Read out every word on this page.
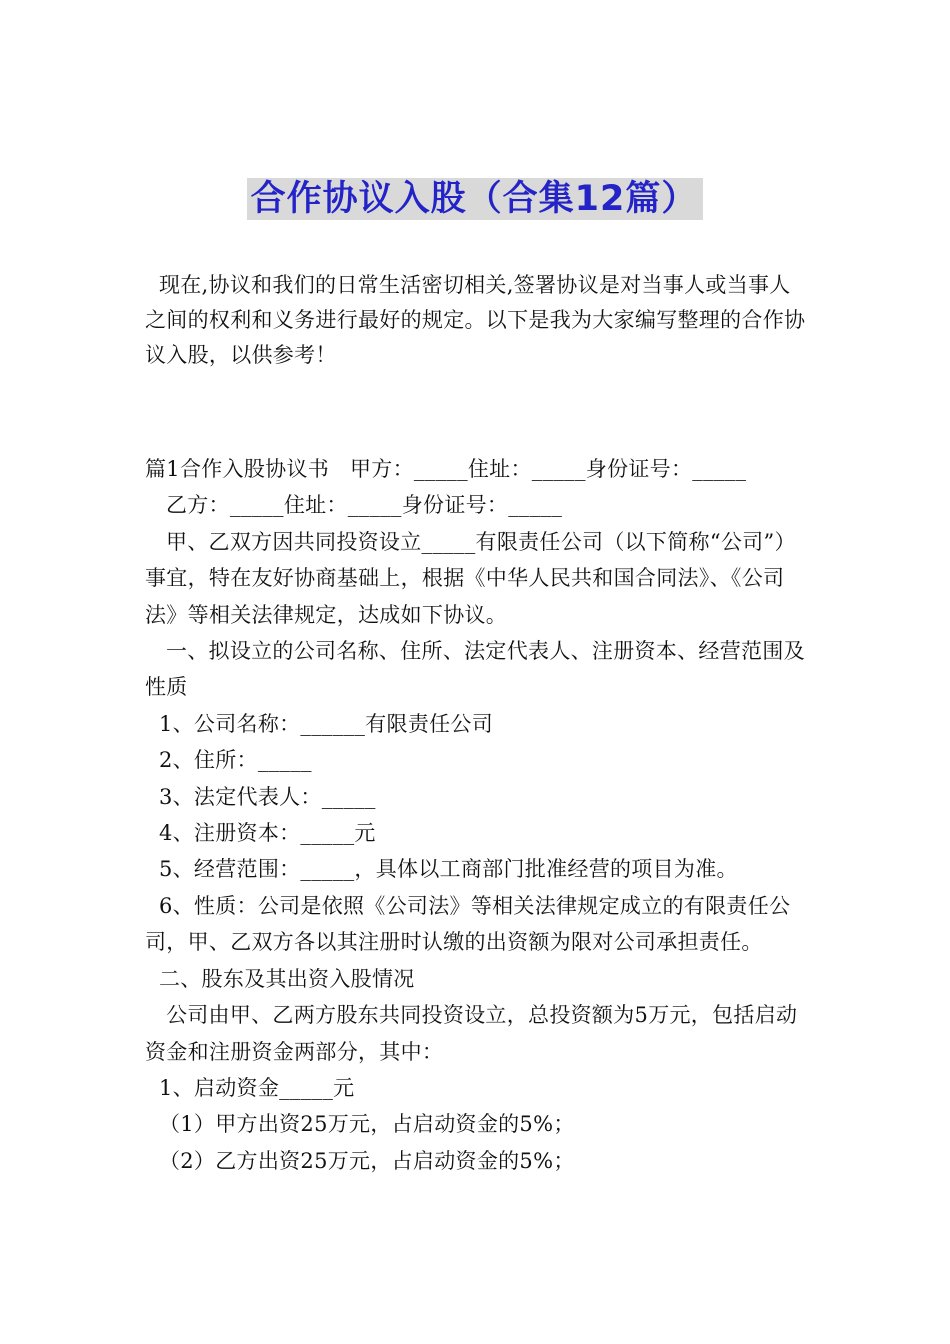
合作协议入股（合集12篇）

现在,协议和我们的日常生活密切相关,签署协议是对当事人或当事人之间的权利和义务进行最好的规定。以下是我为大家编写整理的合作协议入股，以供参考！

篇1合作入股协议书   甲方：_____住址：_____身份证号：_____

乙方：_____住址：_____身份证号：_____

甲、乙双方因共同投资设立_____有限责任公司（以下简称“公司”）事宜，特在友好协商基础上，根据《中华人民共和国合同法》、《公司法》等相关法律规定，达成如下协议。

一、拟设立的公司名称、住所、法定代表人、注册资本、经营范围及性质

1、公司名称：______有限责任公司

2、住所：_____

3、法定代表人：_____

4、注册资本：_____元

5、经营范围：_____，具体以工商部门批准经营的项目为准。

6、性质：公司是依照《公司法》等相关法律规定成立的有限责任公司，甲、乙双方各以其注册时认缴的出资额为限对公司承担责任。

二、股东及其出资入股情况

公司由甲、乙两方股东共同投资设立，总投资额为5万元，包括启动资金和注册资金两部分，其中：

1、启动资金_____元

（1）甲方出资25万元，占启动资金的5%；

（2）乙方出资25万元，占启动资金的5%；
